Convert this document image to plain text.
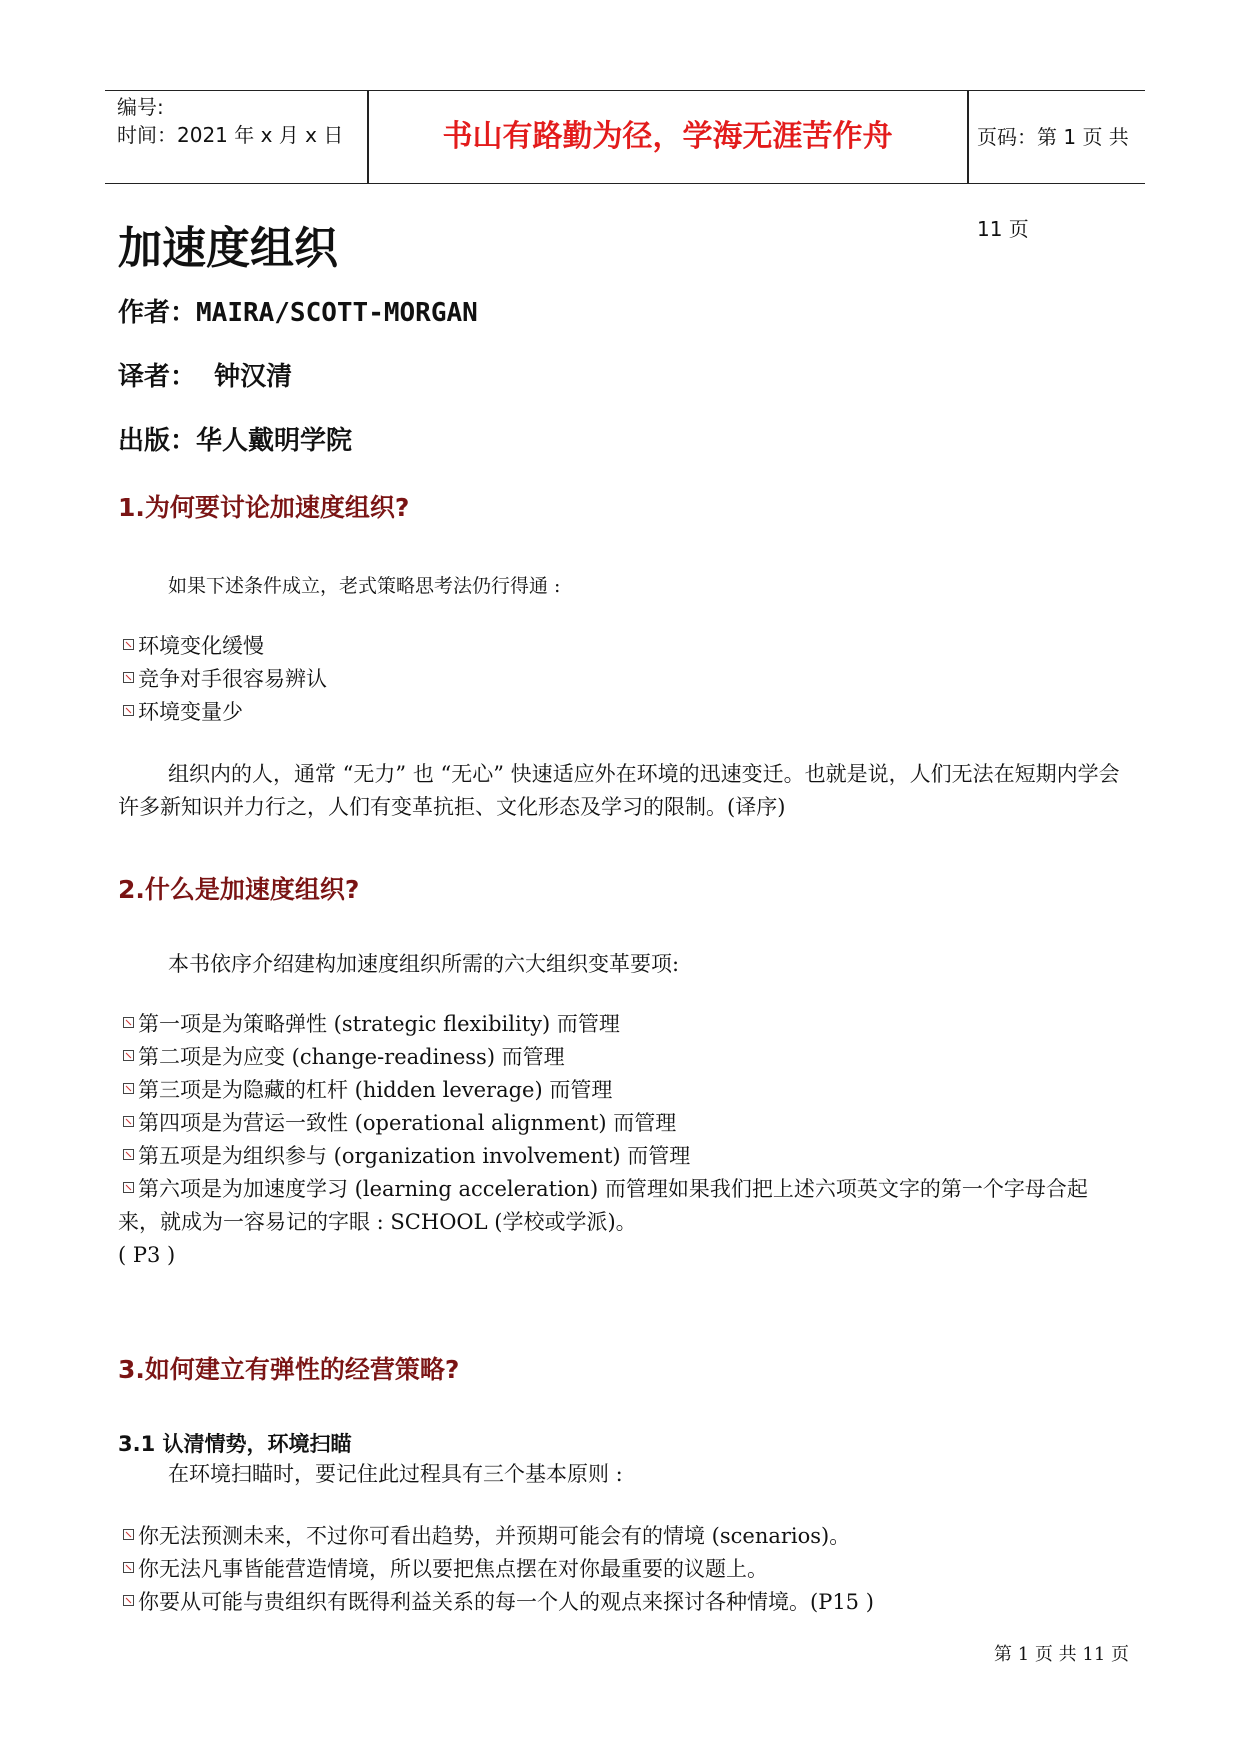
编号:
时间：2021 年 x 月 x 日	书山有路勤为径，学海无涯苦作舟	页码：第 1 页 共 11 页
加速度组织
作者：MAIRA/SCOTT-MORGAN
译者： 钟汉清
出版：华人戴明学院
1.为何要讨论加速度组织?
如果下述条件成立，老式策略思考法仍行得通 :
环境变化缓慢
竞争对手很容易辨认
环境变量少
组织内的人，通常 “无力” 也 “无心” 快速适应外在环境的迅速变迁。也就是说，人们无法在短期内学会许多新知识并力行之，人们有变革抗拒、文化形态及学习的限制。(译序)
2.什么是加速度组织?
本书依序介绍建构加速度组织所需的六大组织变革要项:
第一项是为策略弹性 (strategic flexibility) 而管理
第二项是为应变 (change-readiness) 而管理
第三项是为隐藏的杠杆 (hidden leverage) 而管理
第四项是为营运一致性 (operational alignment) 而管理
第五项是为组织参与 (organization involvement) 而管理
第六项是为加速度学习 (learning acceleration) 而管理如果我们把上述六项英文字的第一个字母合起来，就成为一容易记的字眼 : SCHOOL (学校或学派)。
( P3 )
3.如何建立有弹性的经营策略?
3.1 认清情势，环境扫瞄
在环境扫瞄时，要记住此过程具有三个基本原则 :
你无法预测未来，不过你可看出趋势，并预期可能会有的情境 (scenarios)。
你无法凡事皆能营造情境，所以要把焦点摆在对你最重要的议题上。
你要从可能与贵组织有既得利益关系的每一个人的观点来探讨各种情境。(P15 )
第 1 页 共 11 页
